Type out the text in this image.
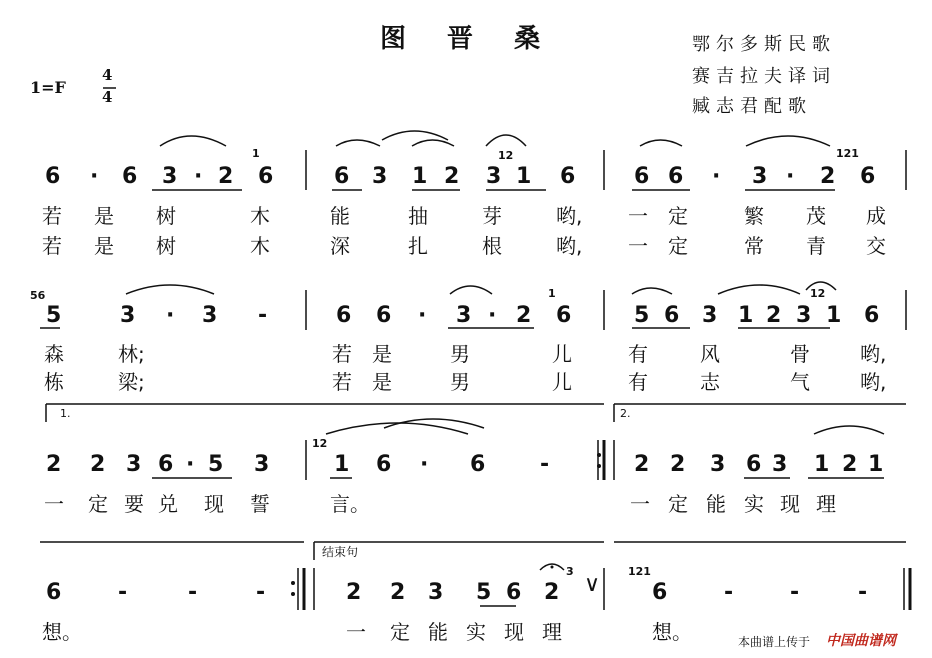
图 晋 桑	鄂尔多斯民歌
赛吉拉夫译词
臧志君配歌
1=F
4
4
6 · 6 3 · 2
1
6	6 3 1 2 3
12
1 6	6 6 · 3 · 2
121
6
若 是 树	木	能	抽	芽	哟, 一 定	繁 茂 成
若 是 树	木	深	扎	根	哟, 一 定	常 青 交
56
5	3 · 3 -	6 6 · 3 · 2
1
6	5 6 3 1 2 3
12
1 6
森	林;	若 是	男	儿	有	风	骨	哟,
栋	梁;	若 是	男	儿	有	志	气	哟,
1.	2.
2 2 3 6 · 5 3
12
1 6 · 6 -	2 2 3 6 3 1 2 1
一 定 要 兑 现 誓	言。	一 定 能 实 现 理
结束句
6	-	-	-	2 2 3 5 6 2
3
∨
121
6	-	-	-
想。	一 定 能 实 现 理	想。	本曲谱上传于 中国曲谱网
